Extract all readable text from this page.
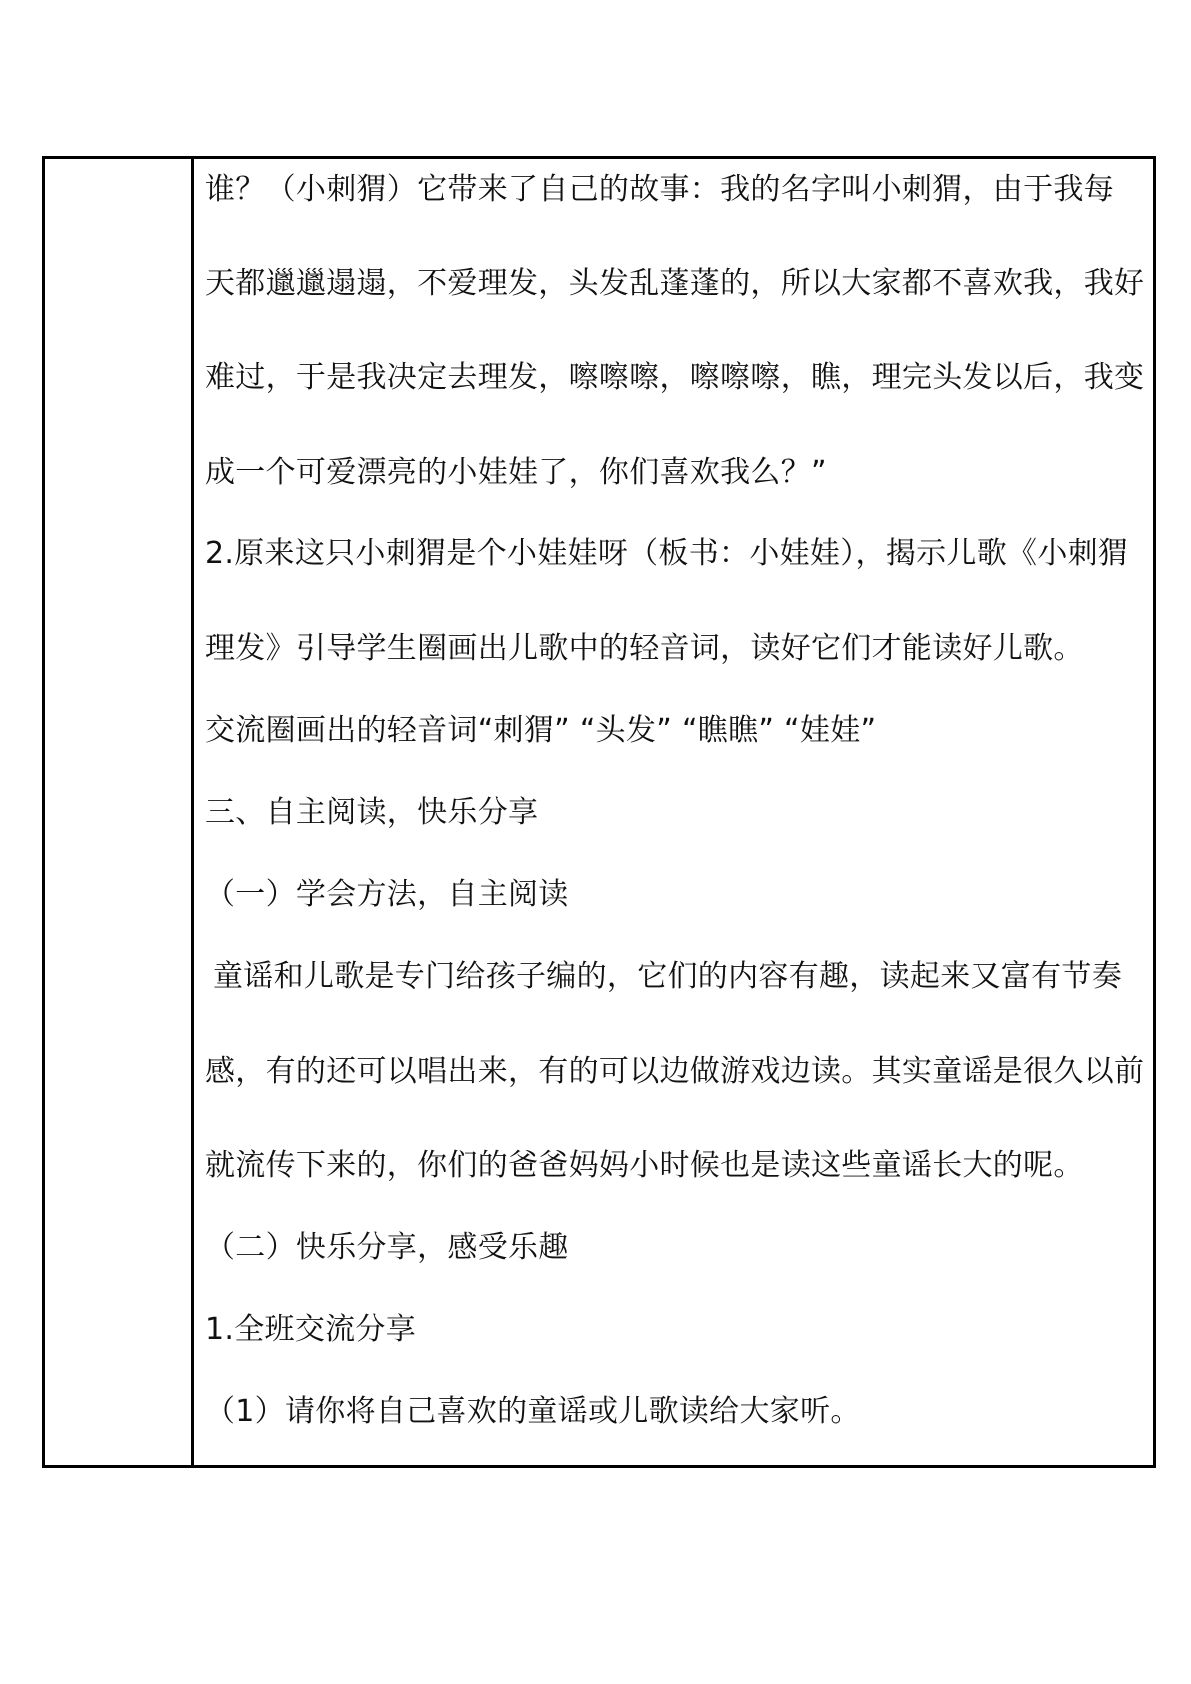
谁？（小刺猬）它带来了自己的故事：我的名字叫小刺猬，由于我每

天都邋邋遢遢，不爱理发，头发乱蓬蓬的，所以大家都不喜欢我，我好

难过，于是我决定去理发，嚓嚓嚓，嚓嚓嚓，瞧，理完头发以后，我变

成一个可爱漂亮的小娃娃了，你们喜欢我么？”

2.原来这只小刺猬是个小娃娃呀（板书：小娃娃），揭示儿歌《小刺猬

理发》引导学生圈画出儿歌中的轻音词，读好它们才能读好儿歌。

交流圈画出的轻音词“刺猬” “头发” “瞧瞧” “娃娃”

三、自主阅读，快乐分享

（一）学会方法，自主阅读

童谣和儿歌是专门给孩子编的，它们的内容有趣，读起来又富有节奏

感，有的还可以唱出来，有的可以边做游戏边读。其实童谣是很久以前

就流传下来的，你们的爸爸妈妈小时候也是读这些童谣长大的呢。

（二）快乐分享，感受乐趣

1.全班交流分享

（1）请你将自己喜欢的童谣或儿歌读给大家听。
